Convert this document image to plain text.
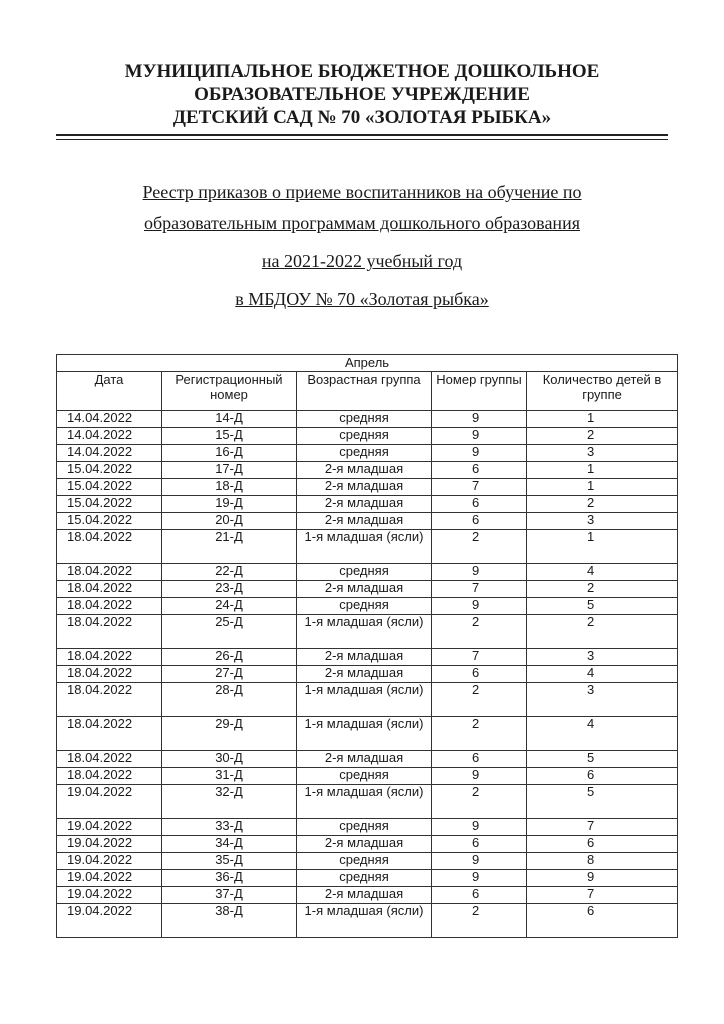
МУНИЦИПАЛЬНОЕ БЮДЖЕТНОЕ ДОШКОЛЬНОЕ
ОБРАЗОВАТЕЛЬНОЕ УЧРЕЖДЕНИЕ
ДЕТСКИЙ САД № 70 «ЗОЛОТАЯ РЫБКА»
Реестр приказов о приеме воспитанников на обучение по
образовательным программам дошкольного образования
на 2021-2022 учебный год
в МБДОУ № 70 «Золотая рыбка»
Апрель				
Дата	Регистрационный номер	Возрастная группа	Номер группы	Количество детей в группе
14.04.2022	14-Д	средняя	9	1
14.04.2022	15-Д	средняя	9	2
14.04.2022	16-Д	средняя	9	3
15.04.2022	17-Д	2-я младшая	6	1
15.04.2022	18-Д	2-я младшая	7	1
15.04.2022	19-Д	2-я младшая	6	2
15.04.2022	20-Д	2-я младшая	6	3
18.04.2022	21-Д	1-я младшая (ясли)	2	1
18.04.2022	22-Д	средняя	9	4
18.04.2022	23-Д	2-я младшая	7	2
18.04.2022	24-Д	средняя	9	5
18.04.2022	25-Д	1-я младшая (ясли)	2	2
18.04.2022	26-Д	2-я младшая	7	3
18.04.2022	27-Д	2-я младшая	6	4
18.04.2022	28-Д	1-я младшая (ясли)	2	3
18.04.2022	29-Д	1-я младшая (ясли)	2	4
18.04.2022	30-Д	2-я младшая	6	5
18.04.2022	31-Д	средняя	9	6
19.04.2022	32-Д	1-я младшая (ясли)	2	5
19.04.2022	33-Д	средняя	9	7
19.04.2022	34-Д	2-я младшая	6	6
19.04.2022	35-Д	средняя	9	8
19.04.2022	36-Д	средняя	9	9
19.04.2022	37-Д	2-я младшая	6	7
19.04.2022	38-Д	1-я младшая (ясли)	2	6
